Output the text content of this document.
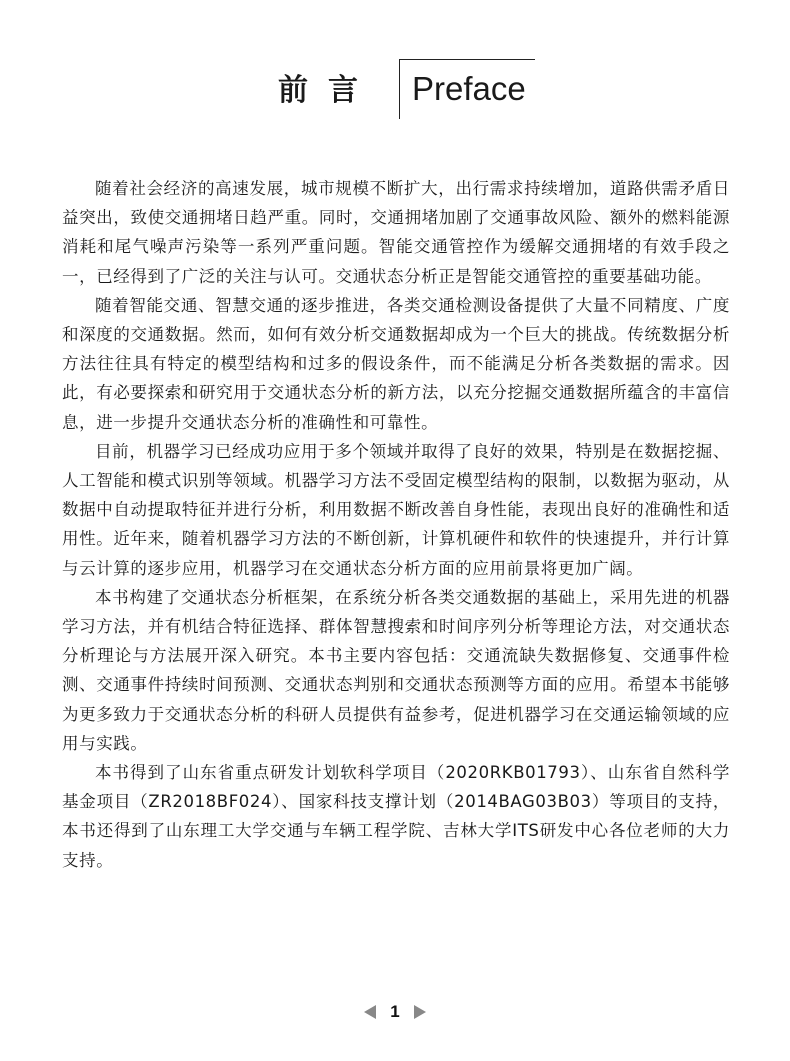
前言 Preface

随着社会经济的高速发展，城市规模不断扩大，出行需求持续增加，道路供需矛盾日益突出，致使交通拥堵日趋严重。同时，交通拥堵加剧了交通事故风险、额外的燃料能源消耗和尾气噪声污染等一系列严重问题。智能交通管控作为缓解交通拥堵的有效手段之一，已经得到了广泛的关注与认可。交通状态分析正是智能交通管控的重要基础功能。

随着智能交通、智慧交通的逐步推进，各类交通检测设备提供了大量不同精度、广度和深度的交通数据。然而，如何有效分析交通数据却成为一个巨大的挑战。传统数据分析方法往往具有特定的模型结构和过多的假设条件，而不能满足分析各类数据的需求。因此，有必要探索和研究用于交通状态分析的新方法，以充分挖掘交通数据所蕴含的丰富信息，进一步提升交通状态分析的准确性和可靠性。

目前，机器学习已经成功应用于多个领域并取得了良好的效果，特别是在数据挖掘、人工智能和模式识别等领域。机器学习方法不受固定模型结构的限制，以数据为驱动，从数据中自动提取特征并进行分析，利用数据不断改善自身性能，表现出良好的准确性和适用性。近年来，随着机器学习方法的不断创新，计算机硬件和软件的快速提升，并行计算与云计算的逐步应用，机器学习在交通状态分析方面的应用前景将更加广阔。

本书构建了交通状态分析框架，在系统分析各类交通数据的基础上，采用先进的机器学习方法，并有机结合特征选择、群体智慧搜索和时间序列分析等理论方法，对交通状态分析理论与方法展开深入研究。本书主要内容包括：交通流缺失数据修复、交通事件检测、交通事件持续时间预测、交通状态判别和交通状态预测等方面的应用。希望本书能够为更多致力于交通状态分析的科研人员提供有益参考，促进机器学习在交通运输领域的应用与实践。

本书得到了山东省重点研发计划软科学项目（2020RKB01793）、山东省自然科学基金项目（ZR2018BF024）、国家科技支撑计划（2014BAG03B03）等项目的支持，本书还得到了山东理工大学交通与车辆工程学院、吉林大学ITS研发中心各位老师的大力支持。

1
